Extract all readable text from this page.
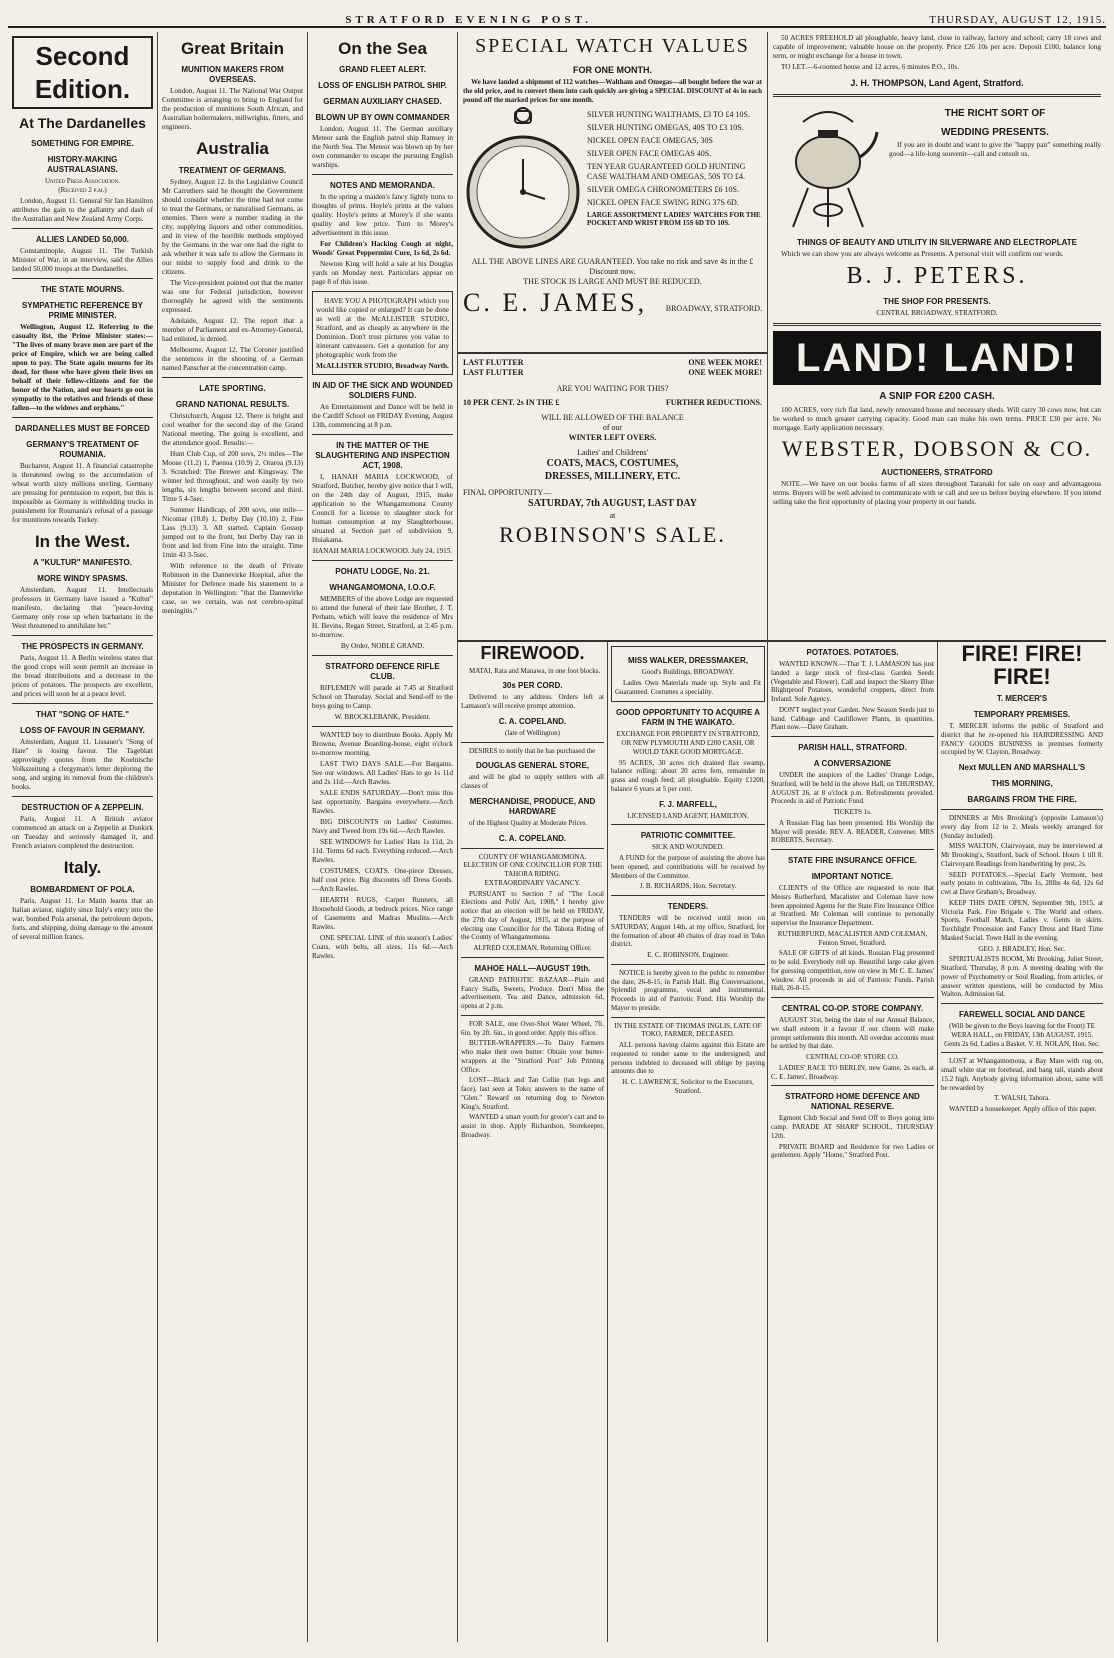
STRATFORD EVENING POST.	THURSDAY, AUGUST 12, 1915.
Second Edition.
At The Dardanelles
SOMETHING FOR EMPIRE.
HISTORY-MAKING AUSTRALASIANS.
United Press Association.
(Received 2 p.m.)

London, August 11. General Sir Ian Hamilton attributes the gain to the gallantry and dash of the Australian and New Zealand Army Corps.

ALLIES LANDED 50,000.

Constantinople, August 11. The Turkish Minister of War, in an interview, said the Allies landed 50,000 troops at the Dardanelles.

THE STATE MOURNS.
SYMPATHETIC REFERENCE BY PRIME MINISTER.

Wellington, August 12. Referring to the casualty list, the Prime Minister states:— "The lives of many brave men are part of the price of Empire, which we are being called upon to pay. The State again mourns for its dead, for those who have given their lives on behalf of their fellow-citizens and for the honor of the Nation, and our hearts go out in sympathy to the relatives and friends of these fallen—to the widows and orphans."

DARDANELLES MUST BE FORCED
GERMANY'S TREATMENT OF ROUMANIA.

Bucharest, August 11. A financial catastrophe is threatened owing to the accumulation of wheat worth sixty millions sterling. Germany are pressing for permission to export, but this is impossible as Germany is withholding trucks in punishment for Roumania's refusal of a passage for munitions towards Turkey.

In the West.
A "KULTUR" MANIFESTO.
MORE WINDY SPASMS.

Amsterdam, August 11. Intellectuals professors in Germany have issued a "Kultur" manifesto, declaring that "peace-loving Germany only rose up when barbarians in the West threatened to annihilate her."

THE PROSPECTS IN GERMANY.

Paris, August 11. A Berlin wireless states that the good crops will soon permit an increase in the bread distributions and a decrease in the prices of potatoes. The prospects are excellent, and prices will soon be at a peace level.

THAT "SONG OF HATE."
LOSS OF FAVOUR IN GERMANY.

Amsterdam, August 11. Lissauer's "Song of Hate" is losing favour. The Tageblatt approvingly quotes from the Koelnische Volkszeitung a clergyman's letter deploring the song, and urging its removal from the children's books.

DESTRUCTION OF A ZEPPELIN.

Paris, August 11. A British aviator commenced an attack on a Zeppelin at Dunkirk on Tuesday and seriously damaged it, and French aviators completed the destruction.

Italy.
BOMBARDMENT OF POLA.

Paris, August 11. Le Matin learns that an Italian aviator, nightly since Italy's entry into the war, bombed Pola arsenal, the petroleum depots, forts, and shipping, doing damage to the amount of several million francs.

Great Britain
MUNITION MAKERS FROM OVERSEAS.

London, August 11. The National War Output Committee is arranging to bring to England for the production of munitions South African, and Australian boilermakers, millwrights, fitters, and engineers.

Australia
TREATMENT OF GERMANS.

Sydney, August 12. In the Legislative Council Mr Carruthers said he thought the Government should consider whether the time had not come to treat the Germans, or naturalised Germans, as enemies. There were a number trading in the city, supplying liquors and other commodities, and in view of the horrible methods employed by the Germans in the war one had the right to ask whether it was safe to allow the Germans in our midst to supply food and drink to the citizens.

The Vice-president pointed out that the matter was one for Federal jurisdiction, however thoroughly he agreed with the sentiments expressed.

Adelaide, August 12. The report that a member of Parliament and ex-Attorney-General, had enlisted, is denied.

Melbourne, August 12. The Coroner justified the sentences in the shooting of a German named Panscher at the concentration camp.

LATE SPORTING.
GRAND NATIONAL RESULTS.

Christchurch, August 12. There is bright and cool weather for the second day of the Grand National meeting. The going is excellent, and the attendance good. Results:—

Hunt Club Cup, of 200 sovs, 2½ miles—The Moose (11.2) 1, Paenoa (10.9) 2, Oraroa (9.13) 3. Scratched: The Brewer and Kingsway. The winner led throughout, and won easily by two lengths, six lengths between second and third. Time 5 4-5sec.

Summer Handicap, of 200 sovs, one mile—Nicomar (10.8) 1, Derby Day (10.10) 2, Fine Lass (9.13) 3. All started. Captain Gossop jumped out to the front, but Derby Day ran in front and led from Fine into the straight. Time 1min 43 3-5sec.

With reference to the death of Private Robinson in the Dannevirke Hospital, after the Minister for Defence made his statement to a deputation in Wellington: "that the Dannevirke case, so we certain, was not cerebro-spinal meningitis."

On the Sea
GRAND FLEET ALERT.
LOSS OF ENGLISH PATROL SHIP.
GERMAN AUXILIARY CHASED.
BLOWN UP BY OWN COMMANDER

London, August 11. The German auxiliary Meteor sank the English patrol ship Ramsey in the North Sea. The Meteor was blown up by her own commander to escape the pursuing English warships.

NOTES AND MEMORANDA.

In the spring a maiden's fancy lightly turns to thoughts of prints. Hoyle's prints at the values quality. Hoyle's prints at Morey's if she wants quality and low price. Turn to Morey's advertisement in this issue.

For Children's Hacking Cough at night, Woods' Great Peppermint Cure, 1s 6d, 2s 6d.

Newton King will hold a sale at his Douglas yards on Monday next. Particulars appear on page 8 of this issue.

HAVE YOU A PHOTOGRAPH which you would like copied or enlarged? It can be done as well at the McALLISTER STUDIO, Stratford, and as cheaply as anywhere in the Dominion. Don't trust pictures you value to itinerant canvassers. Get a quotation for any photographic work from the

McALLISTER STUDIO, Broadway North.
IN AID OF THE SICK AND WOUNDED SOLDIERS FUND.

An Entertainment and Dance will be held in the Cardiff School on FRIDAY Evening, August 13th, commencing at 8 p.m.

IN THE MATTER OF THE SLAUGHTERING AND INSPECTION ACT, 1908.

I, HANAH MARIA LOCKWOOD, of Stratford, Butcher, hereby give notice that I will, on the 24th day of August, 1915, make application to the Whangamomona County Council for a license to slaughter stock for human consumption at my Slaughterhouse, situated at Section part of subdivision 9, Huiakama.

HANAH MARIA LOCKWOOD. July 24, 1915.
POHATU LODGE, No. 21.
WHANGAMOMONA, I.O.O.F.

MEMBERS of the above Lodge are requested to attend the funeral of their late Brother, J. T. Perham, which will leave the residence of Mrs H. Bevins, Regan Street, Stratford, at 2.45 p.m. to-morrow.

By Order, NOBLE GRAND.
STRATFORD DEFENCE RIFLE CLUB.

RIFLEMEN will parade at 7.45 at Stratford School on Thursday. Social and Send-off to the boys going to Camp.

W. BROCKLEBANK, President.

WANTED boy to distribute Books. Apply Mr Browne, Avenue Boarding-house, eight o'clock to-morrow morning.

LAST TWO DAYS SALE.—For Bargains. See our windows. All Ladies' Hats to go 1s 11d and 2s 11d.—Arch Rawles.

SALE ENDS SATURDAY.—Don't miss this last opportunity. Bargains everywhere.—Arch Rawles.

BIG DISCOUNTS on Ladies' Costumes. Navy and Tweed from 19s 6d.—Arch Rawles.

SEE WINDOWS for Ladies' Hats 1s 11d, 2s 11d. Terms 6d each. Everything reduced.—Arch Rawles.

COSTUMES, COATS. One-piece Dresses, half cost price. Big discounts off Dress Goods.—Arch Rawles.

HEARTH RUGS, Carpet Runners, all Household Goods, at bedrock prices. Nice range of Casements and Madras Muslins.—Arch Rawles.

ONE SPECIAL LINE of this season's Ladies' Coats, with belts, all sizes, 11s 6d.—Arch Rawles.

SPECIAL WATCH VALUES
FOR ONE MONTH.

We have landed a shipment of 112 watches—Waltham and Omegas—all bought before the war at the old price, and to convert them into cash quickly are giving a SPECIAL DISCOUNT of 4s in each pound off the marked prices for one month.

SILVER HUNTING WALTHAMS, £3 TO £4 10S.
SILVER HUNTING OMEGAS, 40S TO £3 10S.
NICKEL OPEN FACE OMEGAS, 30S
SILVER OPEN FACE OMEGAS 40S.
TEN YEAR GUARANTEED GOLD HUNTING CASE WALTHAM AND OMEGAS, 50S TO £4.
SILVER OMEGA CHRONOMETERS £6 10S.
NICKEL OPEN FACE SWING RING 37S 6D.
LARGE ASSORTMENT LADIES' WATCHES FOR THE POCKET AND WRIST FROM 15S 6D TO 10S.
ALL THE ABOVE LINES ARE GUARANTEED. You take no risk and save 4s in the £ Discount now.
THE STOCK IS LARGE AND MUST BE REDUCED.
C. E. JAMES, BROADWAY, STRATFORD.
LAST FLUTTER	ONE WEEK MORE!
LAST FLUTTER	ONE WEEK MORE!
ARE YOU WAITING FOR THIS?
10 PER CENT. 2s IN THE £	FURTHER REDUCTIONS.
WILL BE ALLOWED OF THE BALANCE
of our
WINTER LEFT OVERS.
Ladies' and Childrens'
COATS, MACS, COSTUMES,
DRESSES, MILLINERY, ETC.
FINAL OPPORTUNITY—
SATURDAY, 7th AUGUST, LAST DAY
at
ROBINSON'S SALE.
FIREWOOD.

MATAI, Rata and Manawa, in one foot blocks.

30s PER CORD.

Delivered to any address. Orders left at Lamason's will receive prompt attention.

C. A. COPELAND.
(late of Wellington)

DESIRES to notify that he has purchased the

DOUGLAS GENERAL STORE,

and will be glad to supply settlers with all classes of

MERCHANDISE, PRODUCE, AND HARDWARE

of the Highest Quality at Moderate Prices.

C. A. COPELAND.
COUNTY OF WHANGAMOMONA.
ELECTION OF ONE COUNCILLOR FOR THE TAHORA RIDING.
EXTRAORDINARY VACANCY.

PURSUANT to Section 7 of "The Local Elections and Polls' Act, 1908," I hereby give notice that an election will be held on FRIDAY, the 27th day of August, 1915, at the purpose of electing one Councillor for the Tahora Riding of the County of Whangamomona.

ALFRED COLEMAN, Returning Officer.
MAHOE HALL—AUGUST 19th.

GRAND PATRIOTIC BAZAAR—Plain and Fancy Stalls, Sweets, Produce. Don't Miss the advertisement. Tea and Dance, admission 6d, opens at 2 p.m.

FOR SALE, one Over-Shot Water Wheel, 7ft. 6in. by 2ft. 6in., in good order. Apply this office.

BUTTER-WRAPPERS.—To Dairy Farmers who make their own butter: Obtain your butter-wrappers at the "Stratford Post" Job Printing Office.

LOST—Black and Tan Collie (tan legs and face), last seen at Toko; answers to the name of "Glen." Reward on returning dog to Newton King's, Stratford.

WANTED a smart youth for grocer's cart and to assist in shop. Apply Richardson, Storekeeper, Broadway.

MISS WALKER, DRESSMAKER,
Good's Buildings, BROADWAY.

Ladies Own Materials made up. Style and Fit Guaranteed. Costumes a speciality.

GOOD OPPORTUNITY TO ACQUIRE A FARM IN THE WAIKATO.
EXCHANGE FOR PROPERTY IN STRATFORD, OR NEW PLYMOUTH AND £200 CASH, OR WOULD TAKE GOOD MORTGAGE.

95 ACRES, 30 acres rich drained flax swamp, balance rolling; about 20 acres fern, remainder in grass and rough feed; all ploughable. Equity £1200, balance 6 years at 5 per cent.

F. J. MARFELL,
LICENSED LAND AGENT, HAMILTON.
PATRIOTIC COMMITTEE.
SICK AND WOUNDED.

A FUND for the purpose of assisting the above has been opened, and contributions will be received by Members of the Committee.

J. B. RICHARDS, Hon. Secretary.
TENDERS.

TENDERS will be received until noon on SATURDAY, August 14th, at my office, Stratford, for the formation of about 40 chains of dray road in Toko district.

E. C. ROBINSON, Engineer.

NOTICE is hereby given to the public to remember the date, 26-8-15, in Parish Hall. Big Conversazione, Splendid programme, vocal and instrumental. Proceeds in aid of Patriotic Fund. His Worship the Mayor to preside.

IN THE ESTATE OF THOMAS INGLIS, LATE OF TOKO, FARMER, DECEASED.

ALL persons having claims against this Estate are requested to render same to the undersigned; and persons indebted to deceased will oblige by paying amounts due to

H. C. LAWRENCE, Solicitor to the Executors, Stratford.

50 ACRES FREEHOLD all ploughable, heavy land, close to railway, factory and school; carry 18 cows and capable of improvement; valuable house on the property. Price £26 10s per acre. Deposit £100, balance long term, or might exchange for a house in town.

TO LET.—6-roomed house and 12 acres, 6 minutes P.O., 10s.

J. H. THOMPSON, Land Agent, Stratford.
THE RICHT SORT OF
WEDDING PRESENTS.

If you are in doubt and want to give the "happy pair" something really good—a life-long souvenir—call and consult us.

THINGS OF BEAUTY AND UTILITY IN SILVERWARE AND ELECTROPLATE

Which we can show you are always welcome as Presents. A personal visit will confirm our words.

B. J. PETERS.
THE SHOP FOR PRESENTS.
CENTRAL BROADWAY, STRATFORD.
LAND! LAND!
A SNIP FOR £200 CASH.

100 ACRES, very rich flat land, newly renovated house and necessary sheds. Will carry 30 cows now, but can be worked to much greater carrying capacity. Good man can make his own terms. PRICE £30 per acre. No mortgage. Early application necessary.

WEBSTER, DOBSON & CO.
AUCTIONEERS, STRATFORD

NOTE.—We have on our books farms of all sizes throughout Taranaki for sale on easy and advantageous terms. Buyers will be well advised to communicate with or call and see us before buying elsewhere. If you intend selling take the first opportunity of placing your property in our hands.

POTATOES. POTATOES.

WANTED KNOWN.—That T. J. LAMASON has just landed a large stock of first-class Garden Seeds (Vegetable and Flower). Call and inspect the Skerry Blue Blightproof Potatoes, wonderful croppers, direct from Ireland. Sole Agency.

DON'T neglect your Garden. New Season Seeds just to hand. Cabbage and Cauliflower Plants, in quantities. Plant now.—Dave Graham.

PARISH HALL, STRATFORD.
A CONVERSAZIONE

UNDER the auspices of the Ladies' Orange Lodge, Stratford, will be held in the above Hall, on THURSDAY, AUGUST 26, at 8 o'clock p.m. Refreshments provided. Proceeds in aid of Patriotic Fund.

TICKETS 1s.

A Russian Flag has been presented. His Worship the Mayor will preside. REV. A. READER, Convener. MRS ROBERTS, Secretary.

STATE FIRE INSURANCE OFFICE.
IMPORTANT NOTICE.

CLIENTS of the Office are requested to note that Messrs Rutherfurd, Macalister and Coleman have now been appointed Agents for the State Fire Insurance Office at Stratford. Mr Coleman will continue to personally supervise the Insurance Department.

RUTHERFURD, MACALISTER AND COLEMAN, Fenton Street, Stratford.

SALE OF GIFTS of all kinds. Russian Flag presented to be sold. Everybody roll up. Beautiful large cake given for guessing competition, now on view in Mr C. E. James' window. All proceeds in aid of Patriotic Funds. Parish Hall, 26-8-15.

CENTRAL CO-OP. STORE COMPANY.

AUGUST 31st, being the date of our Annual Balance, we shall esteem it a favour if our clients will make prompt settlements this month. All overdue accounts must be settled by that date.

CENTRAL CO-OP. STORE CO.

LADIES' RACE TO BERLIN, new Game, 2s each, at C. E. James', Broadway.

STRATFORD HOME DEFENCE AND NATIONAL RESERVE.

Egmont Club Social and Send Off to Boys going into camp. PARADE AT SHARP SCHOOL, THURSDAY 12th.

PRIVATE BOARD and Residence for two Ladies or gentlemen. Apply "Home," Stratford Post.

FIRE! FIRE! FIRE!
T. MERCER'S
TEMPORARY PREMISES.

T. MERCER informs the public of Stratford and district that he re-opened his HAIRDRESSING AND FANCY GOODS BUSINESS in premises formerly occupied by W. Clayton, Broadway.

Next MULLEN AND MARSHALL'S
THIS MORNING,
BARGAINS FROM THE FIRE.

DINNERS at Mrs Brooking's (opposite Lamason's) every day from 12 to 2. Meals weekly arranged for (Sunday included).

MISS WALTON, Clairvoyant, may be interviewed at Mr Brooking's, Stratford, back of School. Hours 1 till 8. Clairvoyant Readings from handwriting by post, 2s.

SEED POTATOES.—Special Early Vermont, best early potato in cultivation, 7lbs 1s, 28lbs 4s 6d, 12s 6d cwt at Dave Graham's, Broadway.

KEEP THIS DATE OPEN, September 9th, 1915, at Victoria Park. Fire Brigade v. The World and others. Sports, Football Match, Ladies v. Gents in skirts. Torchlight Procession and Fancy Dress and Hard Time Masked Social. Town Hall in the evening.

GEO. J. BRADLEY, Hon. Sec.

SPIRITUALISTS ROOM, Mr Brooking, Juliet Street, Stratford, Thursday, 8 p.m. A meeting dealing with the power of Psychometry or Soul Reading, from articles, or answer written questions, will be conducted by Miss Walton. Admission 6d.

FAREWELL SOCIAL AND DANCE
(Will be given to the Boys leaving for the Front) TE WERA HALL, on FRIDAY, 13th AUGUST, 1915.
Gents 2s 6d, Ladies a Basket. V. H. NOLAN, Hon. Sec.

LOST at Whangamomona, a Bay Mare with rug on, small white star on forehead, and bang tail, stands about 15.2 high. Anybody giving information about, same will be rewarded by

T. WALSH, Tahora.

WANTED a housekeeper. Apply office of this paper.
